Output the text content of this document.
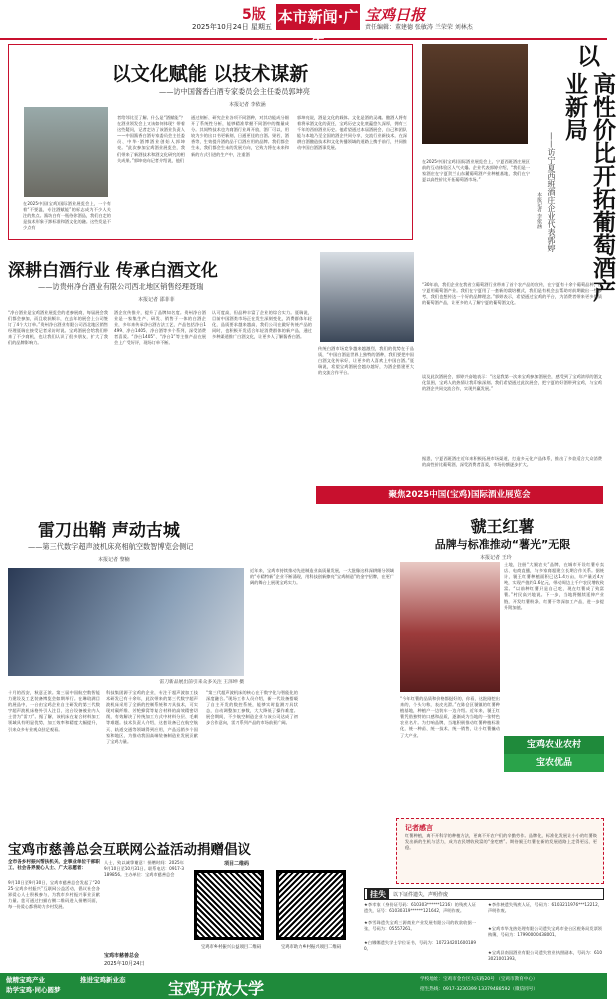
5版
2025年10月24日 星期五
本市新闻·广告
宝鸡日报
责任编辑：董建德 张敏涛 兰荣荣 刘林杰
以文化赋能 以技术谋新
——访中国酱香白酒专家委员会主任委员郭坤亮
本报记者 李依涵
在2025中国(宝鸡)国际酒业展览会上，一个有着“不要温，专注酒赋能”的标志成为不少人关注的焦点。酱坊白有一瓶待你酒品，我们白走的是技术形象于卸标准和酒文化的融。这些发是不少点有
者给邻比至了解。什么是“酒赋能”？在酒业领发会上又该如何体现？带着这些疑问，记者走访了该酒业负责人——中国酱香白酒专家委员会主任委员、中华·酒博酒业创始人郭坤亮。“此次参加宝鸡酒业展览会，我们带来了新酒技术和酒文化研究的相关成果。”郭坤亮向记者介绍说，他们
通过刻析、研究企业各项不同酒种，对其功能成分细开了系统性分析，能够精准掌握不同酒中的微量成分。其间特技术也为商酒行业周开放，酒厂可以，用较为少的出口书更新刻，日通更佳的白酒。果若，酒香等，生效提升酒的品于目酒应用的品牌。我们都会生未，我们都会生未的发展方向，它致力将在未来和新的方式引进的生产中，注重酒
郭坤亮说，酒是文化的载体。文化是酒的灵魂。酿酒人将有着将承酒文化的责任，宝鸡历史文化底蕴悠久深厚，拥有三千年的西府酒业历史。他希望通过本届酒展会，自己和团队能与本地乃至全国的酒企共同分享，交流行业新技术，在深耕白酒酿造技术和文化传播领域的道路上携手前行，共同推动中国白酒酒事发展。
以
高性价比开拓葡萄酒产业新局
——访宁夏西班酒庄企业代表郭婷
本报记者 李依涵
在2025中国(宝鸡)国际酒业展览会上，宁夏西班酒庄展区前的互动体验区人气火爆。企业代表郭婷介绍，“我们是一家酒庄在宁夏贺兰山东麓葡萄酒产业种植基地，我们在宁夏以高性价比开拓葡萄酒市场。”
“30年前，我们企业在我省立葡萄酒行业带来了首个农产品的宣传，在宁夏有十余个葡萄品种，在宁夏用葡萄酒产业。我们在宁夏用了一套新的栽培模式，我们是有机会去帮助对前期做出一些参考，我们也想传达一个好的品牌理念。”郭婷表示，希望通过宝鸡的平台，为消费者带来更多优质的葡萄酒产品，让更多的人了解宁夏的葡萄酒文化。
谈及此次酒展会，郭婷兴奋地表示：“这是我第一次来宝鸡参加酒展会，感受到了宝鸡浓厚的酒文化氛围，宝鸡人的热情让我印象深刻。我们希望通过此次展会，把宁夏的好酒带到宝鸡，与宝鸡的酒企共同交流合作，实现共赢发展。”
据悉，宁夏西班酒庄近年来积极拓展市场渠道，打造多元化产品体系，推出了多款适合大众消费的高性价比葡萄酒，深受消费者喜爱，市场份额逐步扩大。
深耕白酒行业 传承白酒文化
——访贵州净台酒业有限公司西北地区销售经理聂瑞
本报记者 邵菲菲
“净台酒业是宝鸡酒业展览会的老参展商，每届展会我们都会参加，而且收获颇丰，在去年的展会上公司签订了4个大订单。”贵州净台酒业有限公司西北地区销售经理聂瑞在接受记者采访时说。宝鸡酒展会给我们带来了不少商机，也让我们认识了很多朋友，扩大了我们的品牌影响力。
酒企宣传推介，提升了品牌知名度。贵州净台酒业是一家集生产、研发、销售于一体的白酒企业，多年来传承净台酒古法工艺，产品包括净台1499、净台1405、净台酒等多个系列，深受消费者喜爱。“净台1405”、“净台1”等主推产品在展会上广受好评，现场订单不断。
认可度高，但品种丰富了企业的综合实力。聂瑞说，目前中国酒类市场正在发生深刻变化，消费群体年轻化，品质要求越来越高，我们公司在做好传统产品的同时，也积极开发适合年轻消费群体的新产品，通过多种渠道推广白酒文化，让更多人了解酱香白酒。
传统白酒市场竞争越来越激烈，我们的优势在于品质，“中国白酒是世界上独特的酒种，我们要把中国白酒文化传承好，让更多的人喜欢上中国白酒。”聂瑞说，希望宝鸡酒展会越办越好，为酒企搭建更大的交流合作平台。
聚焦2025中国(宝鸡)国际酒业展览会
雷刀出鞘 声动古城
——第三代数字超声波机床亮相航空数智博览会侧记
本报记者 黎楠
雷刀新品展出前引来众多关注 王泽坤 摄
十月的西安，秋意正浓。第三届中国航空数智能力建设及工艺装备博览会如期举行。在琳琅满目的展品中，一台由宝鸡企业自主研发的第三代数字超声波机床格外引人注目，这台设备被业内人士誉为“雷刀”。据了解，该机床在复合材料加工领域具有明显优势，加工效率和精度大幅提升，引来众多专业观众驻足观看。
科技集团源于宝鸡的企业，专注于超声波加工技术研发已有十余年，此次带来的第三代数字超声波机床采用了全新的控制系统和刀具技术，可实现对碳纤维、芳纶蜂窝等复合材料的高效精密切削，有效解决了传统加工方式中材料分层、毛刺等难题。技术负责人介绍，这套设备已在航空航天、轨道交通等领域得到应用，产品远销多个国家和地区，为推动我国高端装备制造业发展贡献了宝鸡力量。
“第三代超声波机床的核心在于数字化与智能化的深度融合。”现场工作人员介绍，新一代设备搭载了自主开发的数控系统，能够实时监测刀具状态，自动调整加工参数，大大降低了操作难度。展会期间，不少航空制造企业与该公司达成了初步合作意向，雷刀系列产品的市场前景广阔。
近年来，宝鸡市持续推动先进制造业高质量发展，一大批像这样深耕细分领域的“专精特新”企业不断涌现，用科技创新擦亮“宝鸡制造”的金字招牌，在更广阔的舞台上展现宝鸡实力。
虢王红薯
品牌与标准推动“薯光”无限
本报记者 王玲
“今年红薯的品质和价格都挺好的，你看，这批刚挖出来的，个头匀称，表皮光滑。”在陈仓区虢镇的红薯种植基地，种植户一边装车一边介绍。近年来，虢王红薯凭借独特的口感和品质，逐渐成为当地的一张特色农业名片。为打响品牌，当地积极推动红薯种植标准化，统一种苗、统一技术、统一销售，让小红薯撬动了大产业。
土地，注册“大虢农夫”品牌，在城市开设红薯专卖店、电商直播，与多家商超建立长期合作关系。据统计，虢王红薯种植面积已达1.4万亩，年产量近4万吨，实现产值约1.6亿元，带动周边上千户农民增收致富。“以前种红薯只是自己吃，现在红薯成了致富薯。”村民高兴地说。下一步，当地将继续延伸产业链，开发红薯粉条、红薯干等深加工产品，进一步提升附加值。
宝鸡农业农村
宝农优品
记者感言
红薯种植，离不开科学的种植方法，更离不开农户们的辛勤劳作。品牌化、标准化发展让小小的红薯焕发出新的生机与活力，成为农民增收致富的“金疙瘩”。期待虢王红薯在新的发展道路上走得更远、更稳。
宝鸡市慈善总会互联网公益活动捐赠倡议
全市各乡村振兴帮扶机关、企事业单位干部职工、社会各界爱心人士、广大志愿者：
9月10日至9月30日，宝鸡市慈善总会发起了“2025·宝鸡乡村振兴”互联网公益活动，倡议社会各界爱心人士积极参与，为我市乡村振兴事业贡献力量。您可通过扫描右侧二维码进入捐赠页面，每一份爱心都将助力乡村发展。
人士，致以诚挚谢意！捐赠时间：2025年9月10日至10月31日。联系电话：0917-3189856。主办单位：宝鸡市慈善总会
宝鸡市慈善总会
2025年10月24日
项目二维码
宝鸡市乡村振兴公益项目二维码	宝鸡市助力乡村振兴项目二维码
挂失	以下证件遗失，声明作废
★李幸家（身份证号码：610303******1216）的残疾人证遗失，证号：61030319******121642，声明作废。
★李雪珠遗失宝鸡三源商业产业发展有限公司的收款收据一张，号码为：05557261。
★白娜娜遗失学士学位证书，号码为：1072342016001890。
★李作秧遗失残疾人证，号码为：6103211976***12212，声明作废。
★宝鸡市华龙热处理有限公司遗失宝鸡市金台区税务局发票领购簿，号码为：17990000438001。
★宝鸡县南国酒业有限公司遗失营业执照副本，号码为：6103021001393。
做精宝鸡产业
助学宝鸡·同心圆梦
推进宝鸡新业态	宝鸡开放大学	学校地址：宝鸡市金台区大庆路20号 （宝鸡市教育中心）
招生热线：0917-3230399 13379488592（微信同号）
